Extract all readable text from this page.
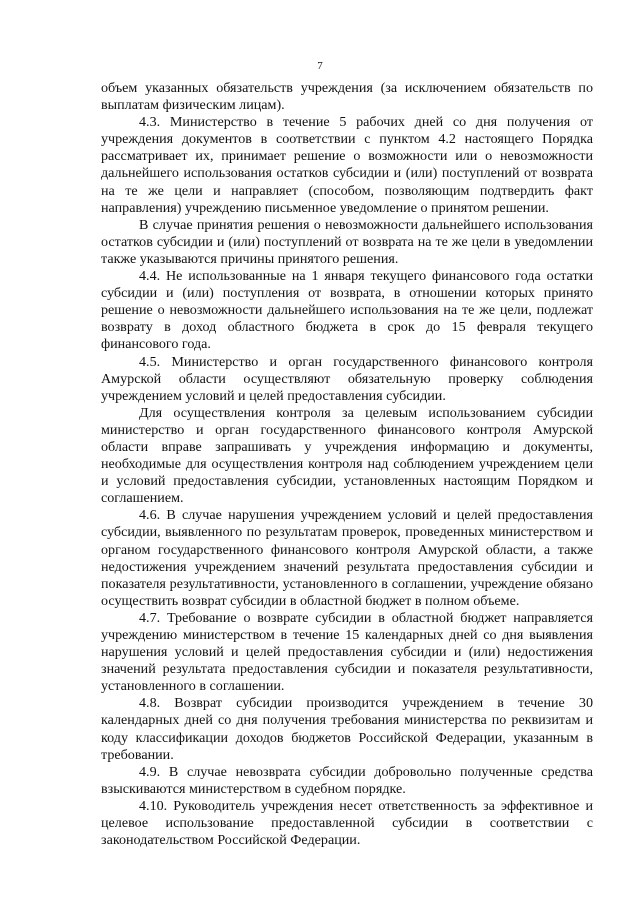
7

объем указанных обязательств учреждения (за исключением обязательств по выплатам физическим лицам).

4.3. Министерство в течение 5 рабочих дней со дня получения от учреждения документов в соответствии с пунктом 4.2 настоящего Порядка рассматривает их, принимает решение о возможности или о невозможности дальнейшего использования остатков субсидии и (или) поступлений от возврата на те же цели и направляет (способом, позволяющим подтвердить факт направления) учреждению письменное уведомление о принятом решении.

В случае принятия решения о невозможности дальнейшего использования остатков субсидии и (или) поступлений от возврата на те же цели в уведомлении также указываются причины принятого решения.

4.4. Не использованные на 1 января текущего финансового года остатки субсидии и (или) поступления от возврата, в отношении которых принято решение о невозможности дальнейшего использования на те же цели, подлежат возврату в доход областного бюджета в срок до 15 февраля текущего финансового года.

4.5. Министерство и орган государственного финансового контроля Амурской области осуществляют обязательную проверку соблюдения учреждением условий и целей предоставления субсидии.

Для осуществления контроля за целевым использованием субсидии министерство и орган государственного финансового контроля Амурской области вправе запрашивать у учреждения информацию и документы, необходимые для осуществления контроля над соблюдением учреждением цели и условий предоставления субсидии, установленных настоящим Порядком и соглашением.

4.6. В случае нарушения учреждением условий и целей предоставления субсидии, выявленного по результатам проверок, проведенных министерством и органом государственного финансового контроля Амурской области, а также недостижения учреждением значений результата предоставления субсидии и показателя результативности, установленного в соглашении, учреждение обязано осуществить возврат субсидии в областной бюджет в полном объеме.

4.7. Требование о возврате субсидии в областной бюджет направляется учреждению министерством в течение 15 календарных дней со дня выявления нарушения условий и целей предоставления субсидии и (или) недостижения значений результата предоставления субсидии и показателя результативности, установленного в соглашении.

4.8. Возврат субсидии производится учреждением в течение 30 календарных дней со дня получения требования министерства по реквизитам и коду классификации доходов бюджетов Российской Федерации, указанным в требовании.

4.9. В случае невозврата субсидии добровольно полученные средства взыскиваются министерством в судебном порядке.

4.10. Руководитель учреждения несет ответственность за эффективное и целевое использование предоставленной субсидии в соответствии с законодательством Российской Федерации.
